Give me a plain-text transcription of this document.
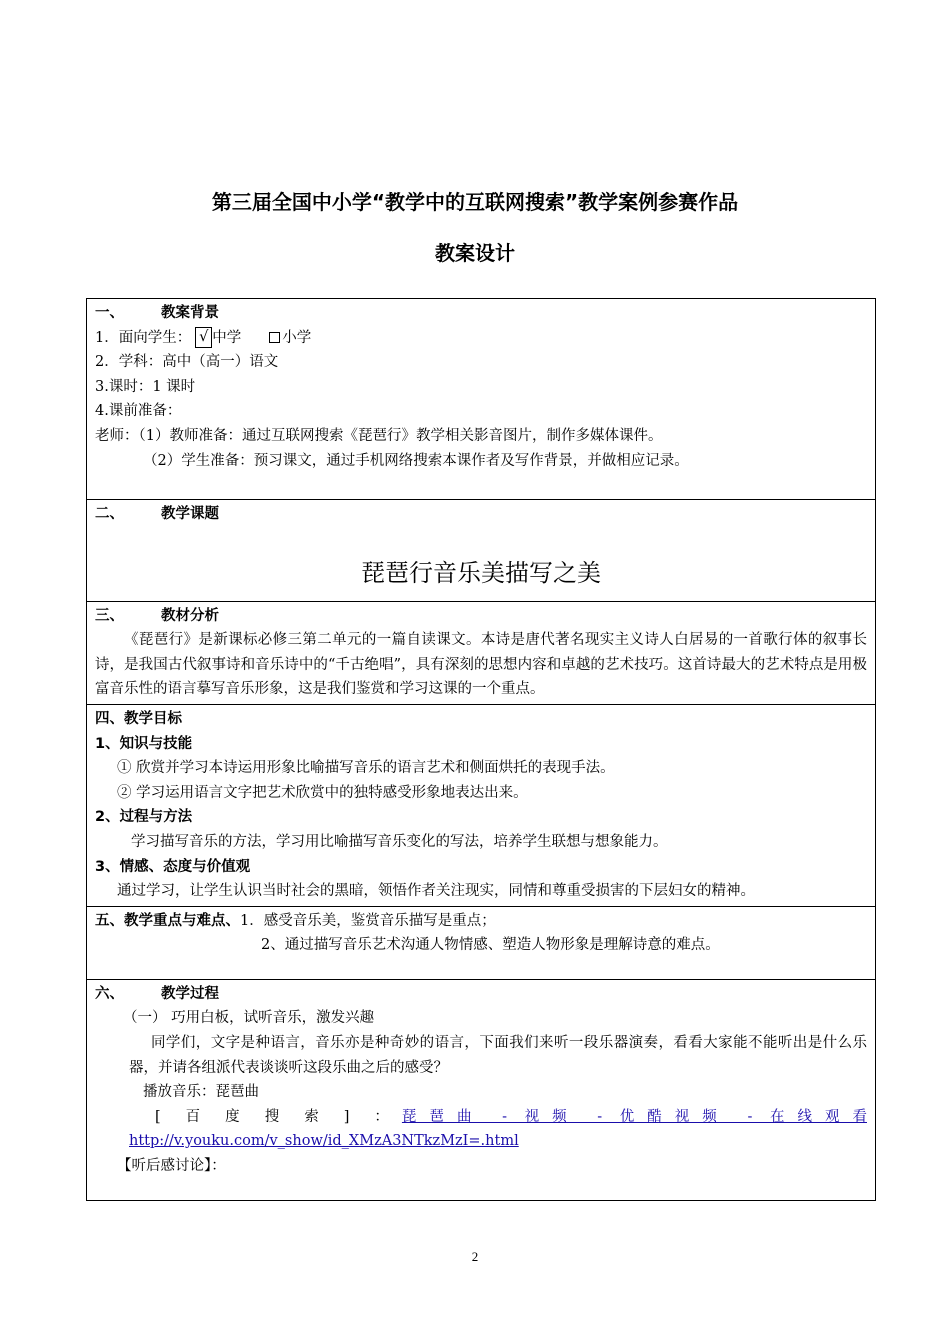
第三届全国中小学“教学中的互联网搜索”教学案例参赛作品
教案设计
一、	教案背景
1．面向学生： √ 中学	小学
2．学科：高中（高一）语文
3.课时：1 课时
4.课前准备：
老师：（1）教师准备：通过互联网搜索《琵琶行》教学相关影音图片，制作多媒体课件。
（2）学生准备：预习课文，通过手机网络搜索本课作者及写作背景，并做相应记录。

二、	教学课题
琵琶行音乐美描写之美

三、	教材分析
《琵琶行》是新课标必修三第二单元的一篇自读课文。本诗是唐代著名现实主义诗人白居易的一首歌行体的叙事长诗，是我国古代叙事诗和音乐诗中的“千古绝唱”，具有深刻的思想内容和卓越的艺术技巧。这首诗最大的艺术特点是用极富音乐性的语言摹写音乐形象，这是我们鉴赏和学习这课的一个重点。

四、教学目标
1、知识与技能
① 欣赏并学习本诗运用形象比喻描写音乐的语言艺术和侧面烘托的表现手法。
② 学习运用语言文字把艺术欣赏中的独特感受形象地表达出来。
2、过程与方法
学习描写音乐的方法，学习用比喻描写音乐变化的写法，培养学生联想与想象能力。
3、情感、态度与价值观
通过学习，让学生认识当时社会的黑暗，领悟作者关注现实，同情和尊重受损害的下层妇女的精神。

五、教学重点与难点、1．感受音乐美，鉴赏音乐描写是重点；
2、通过描写音乐艺术沟通人物情感、塑造人物形象是理解诗意的难点。

六、	教学过程
（一） 巧用白板，试听音乐，激发兴趣
同学们，文字是种语言，音乐亦是种奇妙的语言，下面我们来听一段乐器演奏，看看大家能不能听出是什么乐器，并请各组派代表谈谈听这段乐曲之后的感受？
播放音乐：琵琶曲
[百度搜索]：琵琶曲 - 视频 - 优酷视频 - 在线观看 http://v.youku.com/v_show/id_XMzA3NTkzMzI=.html
【听后感讨论】：
2
